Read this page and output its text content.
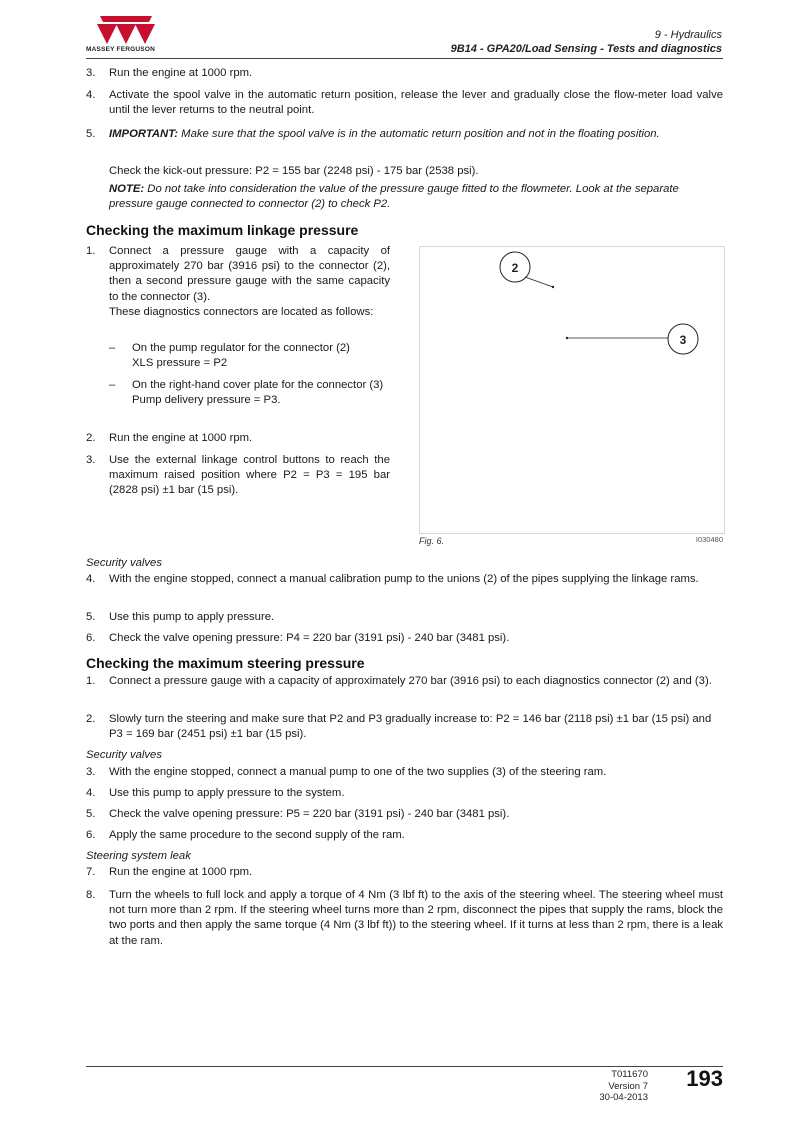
MASSEY FERGUSON
9 - Hydraulics
9B14 - GPA20/Load Sensing - Tests and diagnostics
3.	Run the engine at 1000 rpm.
4.	Activate the spool valve in the automatic return position, release the lever and gradually close the flow-meter load valve until the lever returns to the neutral point.
5.	IMPORTANT: Make sure that the spool valve is in the automatic return position and not in the floating position.
Check the kick-out pressure: P2 = 155 bar (2248 psi) - 175 bar (2538 psi).
NOTE: Do not take into consideration the value of the pressure gauge fitted to the flowmeter. Look at the separate pressure gauge connected to connector (2) to check P2.
Checking the maximum linkage pressure
1.	Connect a pressure gauge with a capacity of approximately 270 bar (3916 psi) to the connector (2), then a second pressure gauge with the same capacity to the connector (3).
These diagnostics connectors are located as follows:
–	On the pump regulator for the connector (2)
XLS pressure = P2
–	On the right-hand cover plate for the connector (3)
Pump delivery pressure = P3.
2.	Run the engine at 1000 rpm.
3.	Use the external linkage control buttons to reach the maximum raised position where P2 = P3 = 195 bar (2828 psi) ±1 bar (15 psi).
2
3
Fig. 6.	I030480
Security valves
4.	With the engine stopped, connect a manual calibration pump to the unions (2) of the pipes supplying the linkage rams.
5.	Use this pump to apply pressure.
6.	Check the valve opening pressure: P4 = 220 bar (3191 psi) - 240 bar (3481 psi).
Checking the maximum steering pressure
1.	Connect a pressure gauge with a capacity of approximately 270 bar (3916 psi) to each diagnostics connector (2) and (3).
2.	Slowly turn the steering and make sure that P2 and P3 gradually increase to: P2 = 146 bar (2118 psi) ±1 bar (15 psi) and P3 = 169 bar (2451 psi) ±1 bar (15 psi).
Security valves
3.	With the engine stopped, connect a manual pump to one of the two supplies (3) of the steering ram.
4.	Use this pump to apply pressure to the system.
5.	Check the valve opening pressure: P5 = 220 bar (3191 psi) - 240 bar (3481 psi).
6.	Apply the same procedure to the second supply of the ram.
Steering system leak
7.	Run the engine at 1000 rpm.
8.	Turn the wheels to full lock and apply a torque of 4 Nm (3 lbf ft) to the axis of the steering wheel. The steering wheel must not turn more than 2 rpm. If the steering wheel turns more than 2 rpm, disconnect the pipes that supply the rams, block the two ports and then apply the same torque (4 Nm (3 lbf ft)) to the steering wheel. If it turns at less than 2 rpm, there is a leak at the ram.
T011670
Version 7
30-04-2013
193
